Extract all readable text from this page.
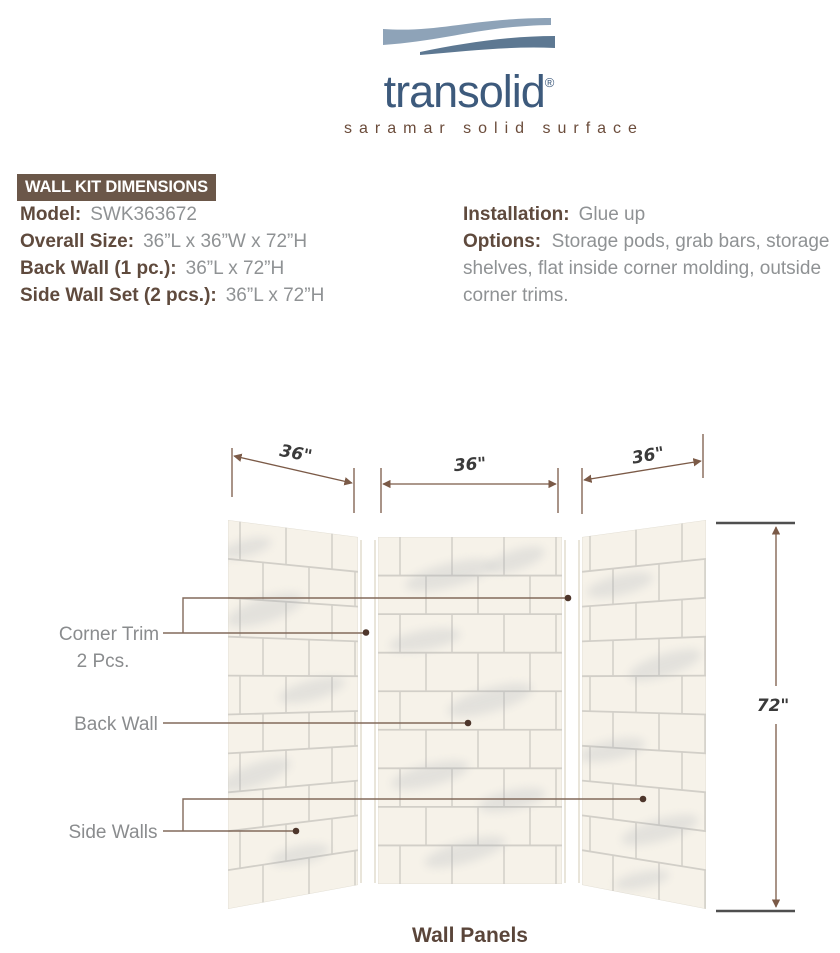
transolid®
saramar solid surface
WALL KIT DIMENSIONS
Model: SWK363672
Overall Size: 36”L x 36”W x 72”H
Back Wall (1 pc.): 36”L x 72”H
Side Wall Set (2 pcs.): 36”L x 72”H
Installation: Glue up

Options: Storage pods, grab bars, storage shelves, flat inside corner molding, outside corner trims.

36"	36"	36"
72"
Corner Trim
2 Pcs.
Back Wall
Side Walls
Wall Panels
